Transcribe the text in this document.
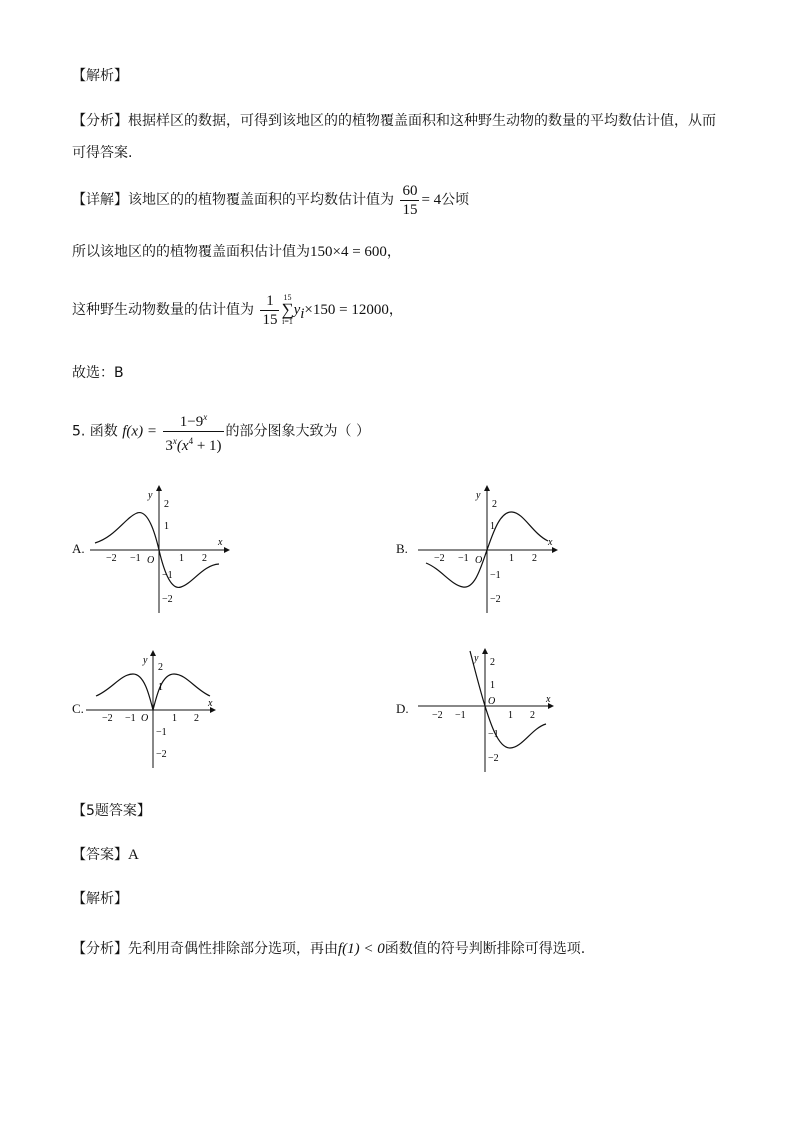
【解析】
【分析】根据样区的数据，可得到该地区的的植物覆盖面积和这种野生动物的数量的平均数估计值，从而
可得答案.
【详解】该地区的的植物覆盖面积的平均数估计值为 $\frac{60}{15} = 4$公顷
所以该地区的的植物覆盖面积估计值为150×4 = 600，
这种野生动物数量的估计值为 $\frac{1}{15} 15$
∑
i=1
$y_i\times 150 = 12000$，
故选：B
5. 函数 $f(x) = \frac{1-9^x}{3^x(x^4 + 1)}$ 的部分图象大致为（ ）
A.	B.
C.	D.
x
y
O
−2 −1	1 2
2
1
−1
−2
x
y
O
−2 −1	1 2
2
1
−1
−2
x
y
O
−2 −1	1 2
2
1
−1
−2
x
y
O
−2 −1	1 2
2
1
−1
−2
【5题答案】
【答案】A
【解析】
【分析】先利用奇偶性排除部分选项，再由f(1) < 0函数值的符号判断排除可得选项.
